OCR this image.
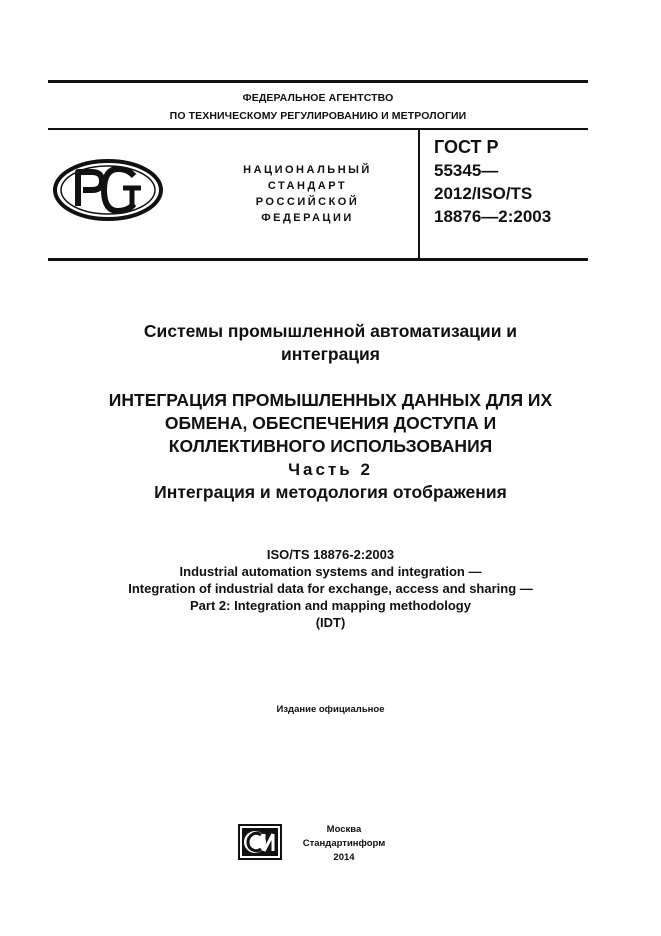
ФЕДЕРАЛЬНОЕ АГЕНТСТВО
ПО ТЕХНИЧЕСКОМУ РЕГУЛИРОВАНИЮ И МЕТРОЛОГИИ
НАЦИОНАЛЬНЫЙ
СТАНДАРТ
РОССИЙСКОЙ
ФЕДЕРАЦИИ
ГОСТ Р
55345—
2012/ISO/TS
18876—2:2003
Системы промышленной автоматизации и
интеграция
ИНТЕГРАЦИЯ ПРОМЫШЛЕННЫХ ДАННЫХ ДЛЯ ИХ
ОБМЕНА, ОБЕСПЕЧЕНИЯ ДОСТУПА И
КОЛЛЕКТИВНОГО ИСПОЛЬЗОВАНИЯ
Часть 2
Интеграция и методология отображения
ISO/TS 18876-2:2003
Industrial automation systems and integration —
Integration of industrial data for exchange, access and sharing —
Part 2: Integration and mapping methodology
(IDT)
Издание официальное
Москва
Стандартинформ
2014
